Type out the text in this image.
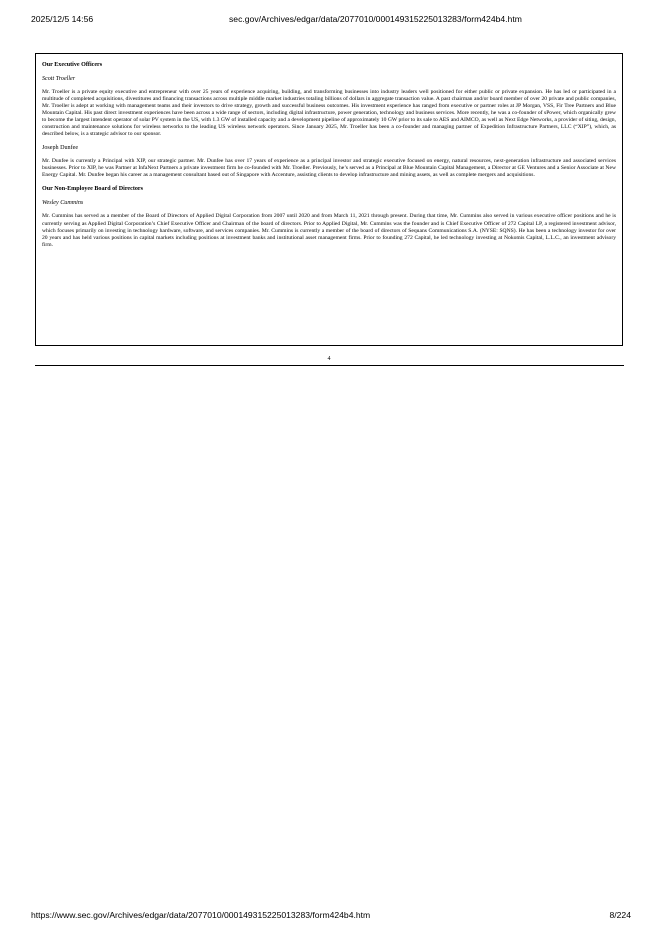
2025/12/5 14:56	sec.gov/Archives/edgar/data/2077010/000149315225013283/form424b4.htm

Our Executive Officers

Scott Troeller

Mr. Troeller is a private equity executive and entrepreneur with over 25 years of experience acquiring, building, and transforming businesses into industry leaders well positioned for either public or private expansion. He has led or participated in a multitude of completed acquisitions, divestitures and financing transactions across multiple middle market industries totaling billions of dollars in aggregate transaction value. A past chairman and/or board member of over 20 private and public companies, Mr. Troeller is adept at working with management teams and their investors to drive strategy, growth and successful business outcomes. His investment experience has ranged from executive or partner roles at JP Morgan, VSS, Fir Tree Partners and Blue Mountain Capital. His past direct investment experiences have been across a wide range of sectors, including digital infrastructure, power generation, technology and business services. More recently, he was a co-founder of sPower, which organically grew to become the largest intendent operator of solar PV system in the US, with 1.3 GW of installed capacity and a development pipeline of approximately 10 GW prior to its sale to AES and AIMCO, as well as Next Edge Networks, a provider of siting, design, construction and maintenance solutions for wireless networks to the leading US wireless network operators. Since January 2025, Mr. Troeller has been a co-founder and managing partner of Expedition Infrastructure Partners, LLC (“XIP”), which, as described below, is a strategic advisor to our sponsor.

Joseph Dunfee

Mr. Dunfee is currently a Principal with XIP, our strategic partner. Mr. Dunfee has over 17 years of experience as a principal investor and strategic executive focused on energy, natural resources, next-generation infrastructure and associated services businesses. Prior to XIP, he was Partner at InfaNext Partners a private investment firm he co-founded with Mr. Troeller. Previously, he’s served as a Principal at Blue Mountain Capital Management, a Director at GE Ventures and a Senior Associate at New Energy Capital. Mr. Dunfee began his career as a management consultant based out of Singapore with Accenture, assisting clients to develop infrastructure and mining assets, as well as complete mergers and acquisitions.

Our Non-Employee Board of Directors

Wesley Cummins

Mr. Cummins has served as a member of the Board of Directors of Applied Digital Corporation from 2007 until 2020 and from March 11, 2021 through present. During that time, Mr. Cummins also served in various executive officer positions and he is currently serving as Applied Digital Corporation’s Chief Executive Officer and Chairman of the board of directors. Prior to Applied Digital, Mr. Cummins was the founder and is Chief Executive Officer of 272 Capital LP, a registered investment advisor, which focuses primarily on investing in technology hardware, software, and services companies. Mr. Cummins is currently a member of the board of directors of Sequans Communications S.A. (NYSE: SQNS). He has been a technology investor for over 20 years and has held various positions in capital markets including positions at investment banks and institutional asset management firms. Prior to founding 272 Capital, he led technology investing at Nokomis Capital, L.L.C., an investment advisory firm.

4
https://www.sec.gov/Archives/edgar/data/2077010/000149315225013283/form424b4.htm	8/224
